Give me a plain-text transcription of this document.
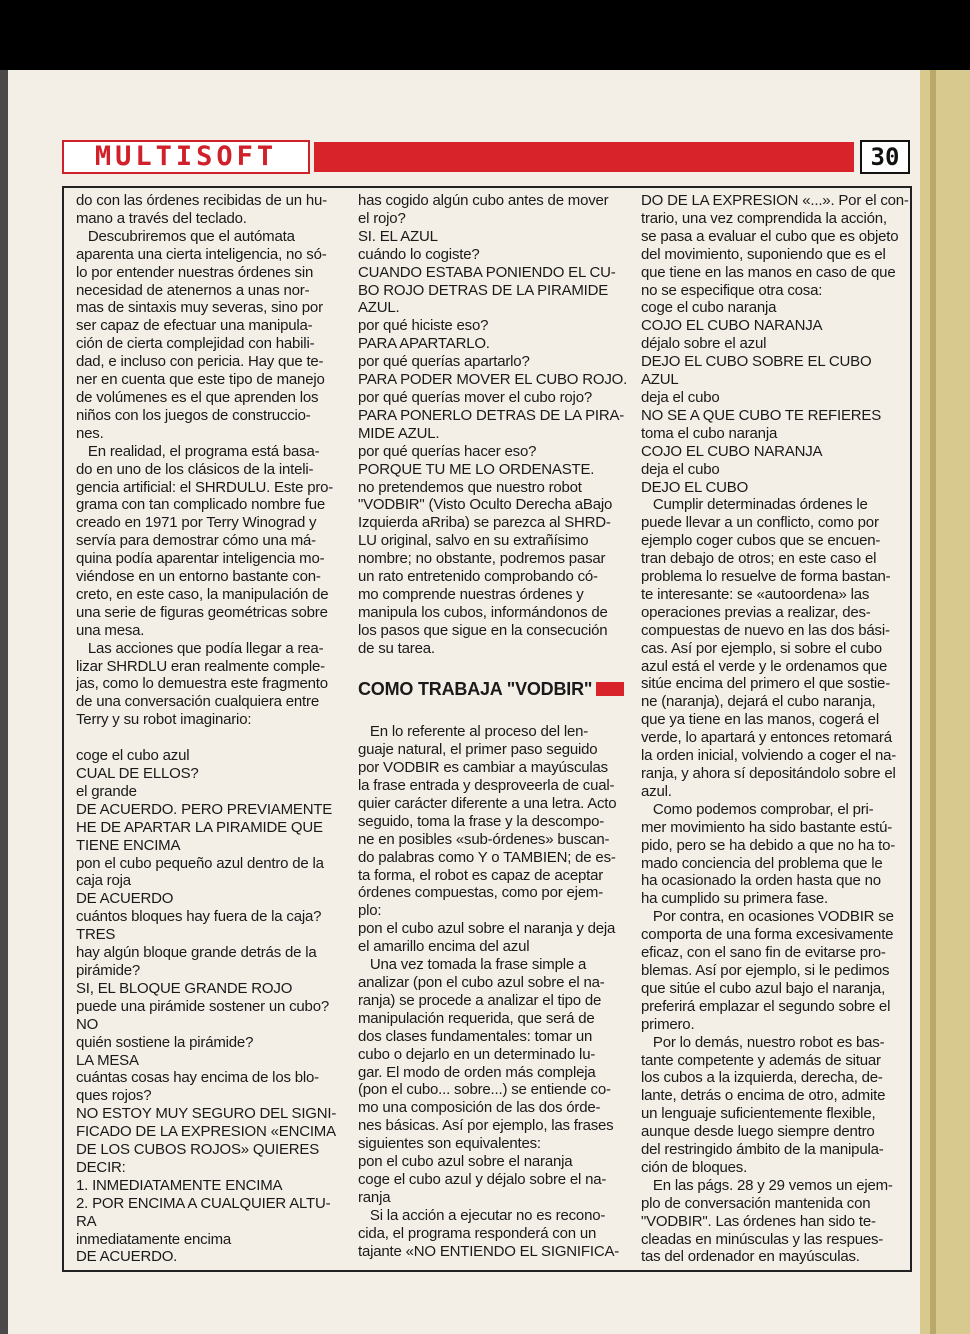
MULTISOFT	30
do con las órdenes recibidas de un hu-
mano a través del teclado.
Descubriremos que el autómata
aparenta una cierta inteligencia, no só-
lo por entender nuestras órdenes sin
necesidad de atenernos a unas nor-
mas de sintaxis muy severas, sino por
ser capaz de efectuar una manipula-
ción de cierta complejidad con habili-
dad, e incluso con pericia. Hay que te-
ner en cuenta que este tipo de manejo
de volúmenes es el que aprenden los
niños con los juegos de construccio-
nes.
En realidad, el programa está basa-
do en uno de los clásicos de la inteli-
gencia artificial: el SHRDULU. Este pro-
grama con tan complicado nombre fue
creado en 1971 por Terry Winograd y
servía para demostrar cómo una má-
quina podía aparentar inteligencia mo-
viéndose en un entorno bastante con-
creto, en este caso, la manipulación de
una serie de figuras geométricas sobre
una mesa.
Las acciones que podía llegar a rea-
lizar SHRDLU eran realmente comple-
jas, como lo demuestra este fragmento
de una conversación cualquiera entre
Terry y su robot imaginario:

coge el cubo azul
CUAL DE ELLOS?
el grande
DE ACUERDO. PERO PREVIAMENTE
HE DE APARTAR LA PIRAMIDE QUE
TIENE ENCIMA
pon el cubo pequeño azul dentro de la
caja roja
DE ACUERDO
cuántos bloques hay fuera de la caja?
TRES
hay algún bloque grande detrás de la
pirámide?
SI, EL BLOQUE GRANDE ROJO
puede una pirámide sostener un cubo?
NO
quién sostiene la pirámide?
LA MESA
cuántas cosas hay encima de los blo-
ques rojos?
NO ESTOY MUY SEGURO DEL SIGNI-
FICADO DE LA EXPRESION «ENCIMA
DE LOS CUBOS ROJOS» QUIERES
DECIR:
1. INMEDIATAMENTE ENCIMA
2. POR ENCIMA A CUALQUIER ALTU-
RA
inmediatamente encima
DE ACUERDO.
has cogido algún cubo antes de mover
el rojo?
SI. EL AZUL
cuándo lo cogiste?
CUANDO ESTABA PONIENDO EL CU-
BO ROJO DETRAS DE LA PIRAMIDE
AZUL.
por qué hiciste eso?
PARA APARTARLO.
por qué querías apartarlo?
PARA PODER MOVER EL CUBO ROJO.
por qué querías mover el cubo rojo?
PARA PONERLO DETRAS DE LA PIRA-
MIDE AZUL.
por qué querías hacer eso?
PORQUE TU ME LO ORDENASTE.
no pretendemos que nuestro robot
"VODBIR" (Visto Oculto Derecha aBajo
Izquierda aRriba) se parezca al SHRD-
LU original, salvo en su extrañísimo
nombre; no obstante, podremos pasar
un rato entretenido comprobando có-
mo comprende nuestras órdenes y
manipula los cubos, informándonos de
los pasos que sigue en la consecución
de su tarea.

COMO TRABAJA "VODBIR"

En lo referente al proceso del len-
guaje natural, el primer paso seguido
por VODBIR es cambiar a mayúsculas
la frase entrada y desproveerla de cual-
quier carácter diferente a una letra. Acto
seguido, toma la frase y la descompo-
ne en posibles «sub-órdenes» buscan-
do palabras como Y o TAMBIEN; de es-
ta forma, el robot es capaz de aceptar
órdenes compuestas, como por ejem-
plo:
pon el cubo azul sobre el naranja y deja
el amarillo encima del azul
Una vez tomada la frase simple a
analizar (pon el cubo azul sobre el na-
ranja) se procede a analizar el tipo de
manipulación requerida, que será de
dos clases fundamentales: tomar un
cubo o dejarlo en un determinado lu-
gar. El modo de orden más compleja
(pon el cubo... sobre...) se entiende co-
mo una composición de las dos órde-
nes básicas. Así por ejemplo, las frases
siguientes son equivalentes:
pon el cubo azul sobre el naranja
coge el cubo azul y déjalo sobre el na-
ranja
Si la acción a ejecutar no es recono-
cida, el programa responderá con un
tajante «NO ENTIENDO EL SIGNIFICA-
DO DE LA EXPRESION «...». Por el con-
trario, una vez comprendida la acción,
se pasa a evaluar el cubo que es objeto
del movimiento, suponiendo que es el
que tiene en las manos en caso de que
no se especifique otra cosa:
coge el cubo naranja
COJO EL CUBO NARANJA
déjalo sobre el azul
DEJO EL CUBO SOBRE EL CUBO
AZUL
deja el cubo
NO SE A QUE CUBO TE REFIERES
toma el cubo naranja
COJO EL CUBO NARANJA
deja el cubo
DEJO EL CUBO
Cumplir determinadas órdenes le
puede llevar a un conflicto, como por
ejemplo coger cubos que se encuen-
tran debajo de otros; en este caso el
problema lo resuelve de forma bastan-
te interesante: se «autoordena» las
operaciones previas a realizar, des-
compuestas de nuevo en las dos bási-
cas. Así por ejemplo, si sobre el cubo
azul está el verde y le ordenamos que
sitúe encima del primero el que sostie-
ne (naranja), dejará el cubo naranja,
que ya tiene en las manos, cogerá el
verde, lo apartará y entonces retomará
la orden inicial, volviendo a coger el na-
ranja, y ahora sí depositándolo sobre el
azul.
Como podemos comprobar, el pri-
mer movimiento ha sido bastante estú-
pido, pero se ha debido a que no ha to-
mado conciencia del problema que le
ha ocasionado la orden hasta que no
ha cumplido su primera fase.
Por contra, en ocasiones VODBIR se
comporta de una forma excesivamente
eficaz, con el sano fin de evitarse pro-
blemas. Así por ejemplo, si le pedimos
que sitúe el cubo azul bajo el naranja,
preferirá emplazar el segundo sobre el
primero.
Por lo demás, nuestro robot es bas-
tante competente y además de situar
los cubos a la izquierda, derecha, de-
lante, detrás o encima de otro, admite
un lenguaje suficientemente flexible,
aunque desde luego siempre dentro
del restringido ámbito de la manipula-
ción de bloques.
En las págs. 28 y 29 vemos un ejem-
plo de conversación mantenida con
"VODBIR". Las órdenes han sido te-
cleadas en minúsculas y las respues-
tas del ordenador en mayúsculas.
